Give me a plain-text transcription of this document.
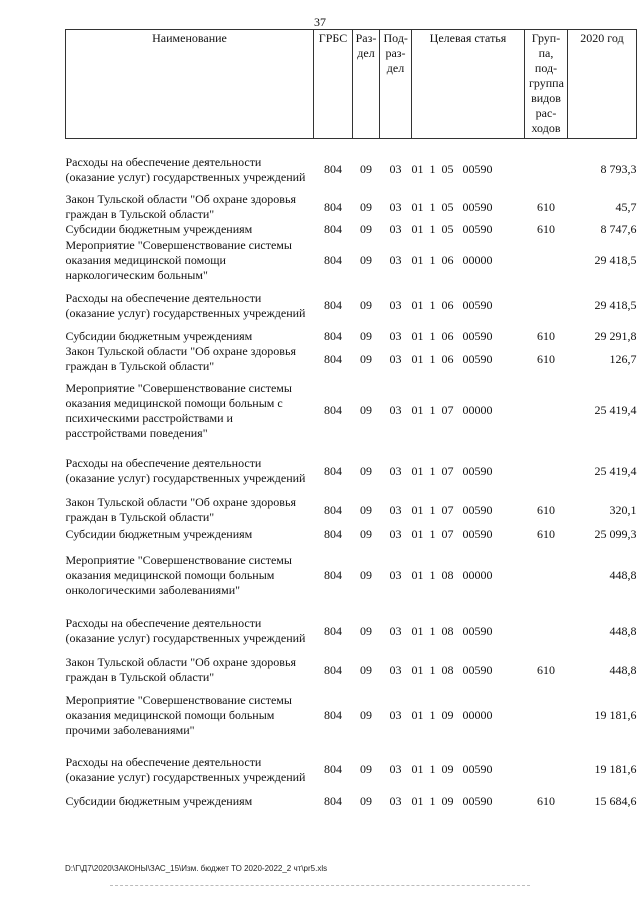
37
Наименование	ГРБС	Раз-дел	Под-раз-дел	Целевая статья	Груп-па, под-группа видов рас-ходов	2020 год

Расходы на обеспечение деятельности (оказание услуг) государственных учреждений	804	09	03	01  1  05   00590		8 793,3
Закон Тульской области "Об охране здоровья граждан в Тульской области"	804	09	03	01  1  05   00590	610	45,7
Субсидии бюджетным учреждениям	804	09	03	01  1  05   00590	610	8 747,6
Мероприятие "Совершенствование системы оказания медицинской помощи наркологическим больным"	804	09	03	01  1  06   00000		29 418,5
Расходы на обеспечение деятельности (оказание услуг) государственных учреждений	804	09	03	01  1  06   00590		29 418,5
Субсидии бюджетным учреждениям	804	09	03	01  1  06   00590	610	29 291,8
Закон Тульской области "Об охране здоровья граждан в Тульской области"	804	09	03	01  1  06   00590	610	126,7
Мероприятие "Совершенствование системы оказания медицинской помощи больным с психическими расстройствами и расстройствами поведения"	804	09	03	01  1  07   00000		25 419,4
Расходы на обеспечение деятельности (оказание услуг) государственных учреждений	804	09	03	01  1  07   00590		25 419,4
Закон Тульской области "Об охране здоровья граждан в Тульской области"	804	09	03	01  1  07   00590	610	320,1
Субсидии бюджетным учреждениям	804	09	03	01  1  07   00590	610	25 099,3
Мероприятие "Совершенствование системы оказания медицинской помощи больным онкологическими заболеваниями"	804	09	03	01  1  08   00000		448,8
Расходы на обеспечение деятельности (оказание услуг) государственных учреждений	804	09	03	01  1  08   00590		448,8
Закон Тульской области "Об охране здоровья граждан в Тульской области"	804	09	03	01  1  08   00590	610	448,8
Мероприятие "Совершенствование системы оказания медицинской помощи больным прочими заболеваниями"	804	09	03	01  1  09   00000		19 181,6
Расходы на обеспечение деятельности (оказание услуг) государственных учреждений	804	09	03	01  1  09   00590		19 181,6
Субсидии бюджетным учреждениям	804	09	03	01  1  09   00590	610	15 684,6
D:\Г\Д7\2020\ЗАКОНЫ\ЗАС_15\Изм. бюджет ТО 2020-2022_2 чт\pr5.xls
